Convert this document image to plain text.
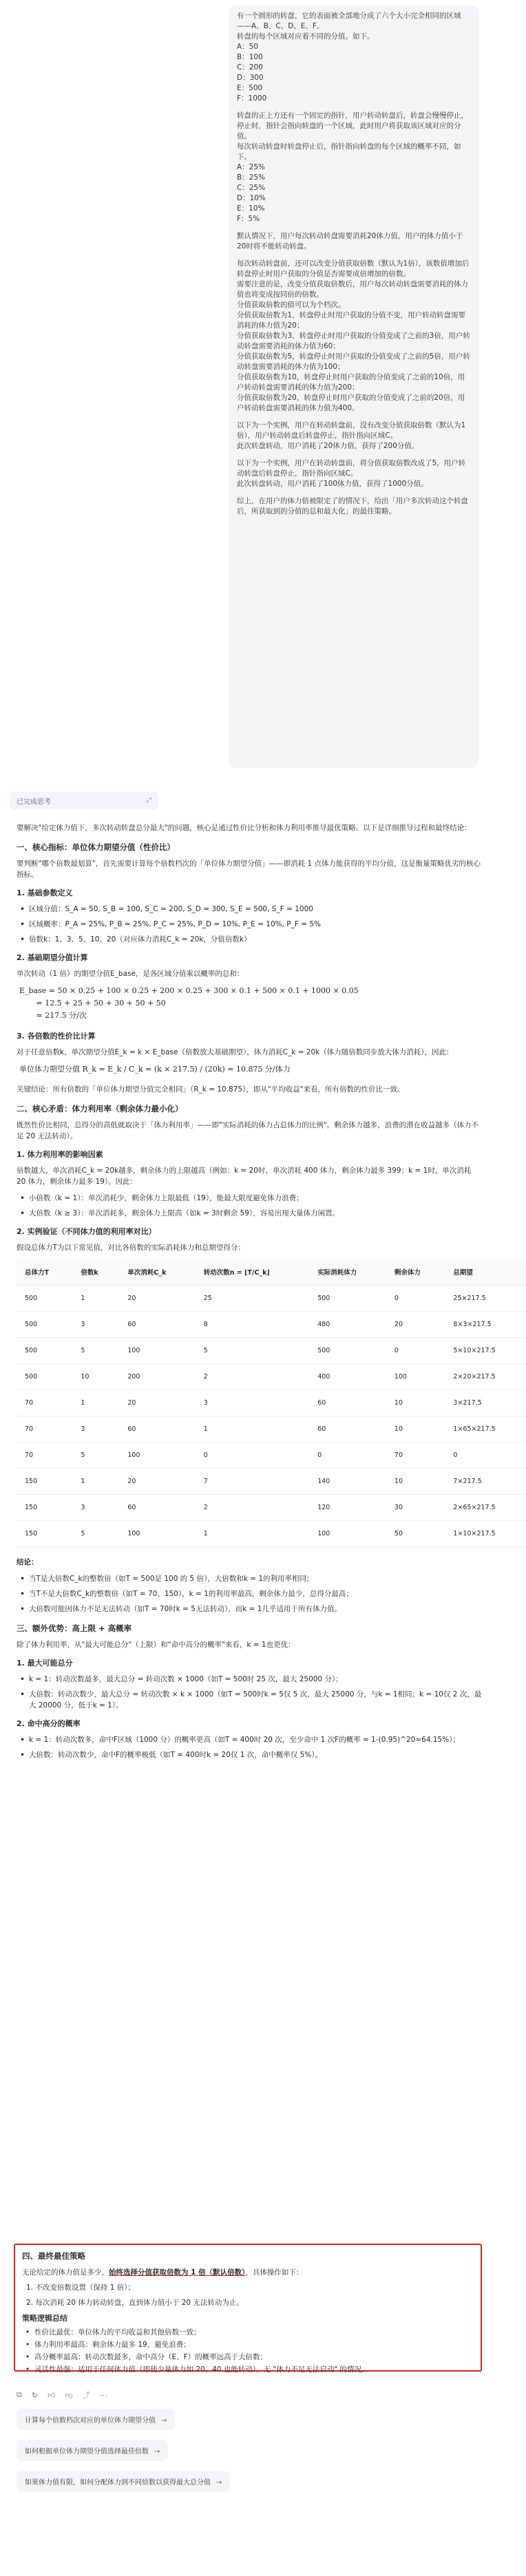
有一个圆形的转盘，它的表面被全部地分成了六个大小完全相同的区域——A、B、C、D、E、F。
转盘的每个区域对应着不同的分值。如下。
A：50
B：100
C：200
D：300
E：500
F：1000

转盘的正上方还有一个固定的指针，用户转动转盘后，转盘会慢慢停止，停止时，指针会指向转盘的一个区域，此时用户将获取该区域对应的分值。
每次转动转盘时转盘停止后，指针指向转盘的每个区域的概率不同，如下。
A：25%
B：25%
C：25%
D：10%
E：10%
F：5%

默认情况下，用户每次转动转盘需要消耗20体力值，用户的体力值小于20时将不能转动转盘。

每次转动转盘前，还可以改变分值获取倍数（默认为1倍），该数值增加后转盘停止时用户获取的分值是否需要成倍增加的倍数。
需要注意的是，改变分值获取倍数后，用户每次转动转盘需要消耗的体力值也将变成按同倍的倍数。
分值获取倍数的值可以为个档次。
分值获取倍数为1，转盘停止时用户获取的分值不变，用户转动转盘需要消耗的体力值为20；
分值获取倍数为3，转盘停止时用户获取的分值变成了之前的3倍，用户转动转盘需要消耗的体力值为60；
分值获取倍数为5，转盘停止时用户获取的分值变成了之前的5倍，用户转动转盘需要消耗的体力值为100；
分值获取倍数为10，转盘停止时用户获取的分值变成了之前的10倍，用户转动转盘需要消耗的体力值为200；
分值获取倍数为20，转盘停止时用户获取的分值变成了之前的20倍，用户转动转盘需要消耗的体力值为400。

以下为一个实例，用户在转动转盘前，没有改变分值获取倍数（默认为1倍），用户转动转盘后转盘停止，指针指向区域C。
此次转盘转动，用户消耗了20体力值，获得了200分值。

以下为一个实例，用户在转动转盘前，将分值获取倍数改成了5，用户转动转盘后转盘停止，指针指向区域C。
此次转盘转动，用户消耗了100体力值，获得了1000分值。

综上，在用户的体力值被限定了的情况下，给出「用户多次转动这个转盘后，所获取到的分值的总和最大化」的最佳策略。

已完成思考	⤢

要解决"给定体力值下，多次转动转盘总分最大"的问题，核心是通过性价比分析和体力利用率推导最优策略。以下是详细推导过程和最终结论：

一、核心指标：单位体力期望分值（性价比）

要判断"哪个倍数最划算"，首先需要计算每个倍数档次的「单位体力期望分值」——即消耗 1 点体力能获得的平均分值，这是衡量策略优劣的核心指标。

1. 基础参数定义
• 区域分值：S_A = 50, S_B = 100, S_C = 200, S_D = 300, S_E = 500, S_F = 1000
• 区域概率：P_A = 25%, P_B = 25%, P_C = 25%, P_D = 10%, P_E = 10%, P_F = 5%
• 倍数k：1、3、5、10、20（对应体力消耗C_k = 20k，分值倍数k）
2. 基础期望分值计算

单次转动（1 倍）的期望分值E_base，是各区域分值乘以概率的总和：

E_base = 50 × 0.25 + 100 × 0.25 + 200 × 0.25 + 300 × 0.1 + 500 × 0.1 + 1000 × 0.05
= 12.5 + 25 + 50 + 30 + 50 + 50
= 217.5 分/次
3. 各倍数的性价比计算

对于任意倍数k，单次期望分值E_k = k × E_base（倍数放大基础期望），体力消耗C_k = 20k（体力随倍数同步放大体力消耗），因此：

单位体力期望分值 R_k = E_k / C_k = (k × 217.5) / (20k) = 10.875 分/体力

关键结论：所有倍数的「单位体力期望分值完全相同」（R_k = 10.875），即从"平均收益"来看，所有倍数的性价比一致。

二、核心矛盾：体力利用率（剩余体力最小化）

既然性价比相同，总得分的高低就取决于「体力利用率」——即"实际消耗的体力占总体力的比例"。剩余体力越多，浪费的潜在收益越多（体力不足 20 无法转动）。

1. 体力利用率的影响因素

倍数越大，单次消耗C_k = 20k越多，剩余体力的上限越高（例如：k = 20时，单次消耗 400 体力，剩余体力最多 399；k = 1时，单次消耗 20 体力，剩余体力最多 19）。因此：

• 小倍数（k = 1）：单次消耗少，剩余体力上限最低（19），能最大限度避免体力浪费；
• 大倍数（k ≥ 3）：单次消耗多，剩余体力上限高（如k = 3时剩余 59），容易出现大量体力闲置。
2. 实例验证（不同体力值的利用率对比）

假设总体力T为以下常见值，对比各倍数的实际消耗体力和总期望得分：

总体力T	倍数k	单次消耗C_k	转动次数n = ⌊T/C_k⌋	实际消耗体力	剩余体力	总期望
500	1	20	25	500	0	25×217.5
500	3	60	8	480	20	8×3×217.5
500	5	100	5	500	0	5×10×217.5
500	10	200	2	400	100	2×20×217.5
70	1	20	3	60	10	3×217.5
70	3	60	1	60	10	1×65×217.5
70	5	100	0	0	70	0
150	1	20	7	140	10	7×217.5
150	3	60	2	120	30	2×65×217.5
150	5	100	1	100	50	1×10×217.5

结论：

• 当T是大倍数C_k的整数倍（如T = 500是 100 的 5 倍），大倍数和k = 1的利用率相同；
• 当T不是大倍数C_k的整数倍（如T = 70、150），k = 1的利用率最高，剩余体力最少，总得分最高；
• 大倍数可能因体力不足无法转动（如T = 70时k = 5无法转动），而k = 1几乎适用于所有体力值。
三、额外优势：高上限 + 高概率

除了体力利用率，从"最大可能总分"（上限）和"命中高分的概率"来看，k = 1也更优：

1. 最大可能总分
• k = 1：转动次数最多，最大总分 = 转动次数 × 1000（如T = 500时 25 次，最大 25000 分）；
• 大倍数：转动次数少，最大总分 = 转动次数 × k × 1000（如T = 500时k = 5仅 5 次，最大 25000 分，与k = 1相同；k = 10仅 2 次，最大 20000 分，低于k = 1）。
2. 命中高分的概率
• k = 1：转动次数多，命中F区域（1000 分）的概率更高（如T = 400时 20 次，至少命中 1 次F的概率 = 1-(0.95)^20≈64.15%）；
• 大倍数：转动次数少，命中F的概率极低（如T = 400时k = 20仅 1 次，命中概率仅 5%）。
四、最终最佳策略

无论给定的体力值是多少，始终选择分值获取倍数为 1 倍（默认倍数），具体操作如下：

1. 不改变倍数设置（保持 1 倍）；
2. 每次消耗 20 体力转动转盘，直到体力值小于 20 无法转动为止。
策略逻辑总结
• 性价比最优：单位体力的平均收益和其他倍数一致；
• 体力利用率最高：剩余体力最多 19，避免浪费；
• 高分概率最高：转动次数最多，命中高分（E、F）的概率远高于大倍数；
• 灵活性最强：适用于任何体力值（即使少量体力如 20、40 也能转动），无 "体力不足无法启动" 的情况。
⧉ ↻ 👍︎ 👎︎ ⤴ ⋯
计算每个倍数档次对应的单位体力期望分值 →
如何根据单位体力期望分值选择最佳倍数 →
如果体力值有限，如何分配体力到不同倍数以获得最大总分值 →
